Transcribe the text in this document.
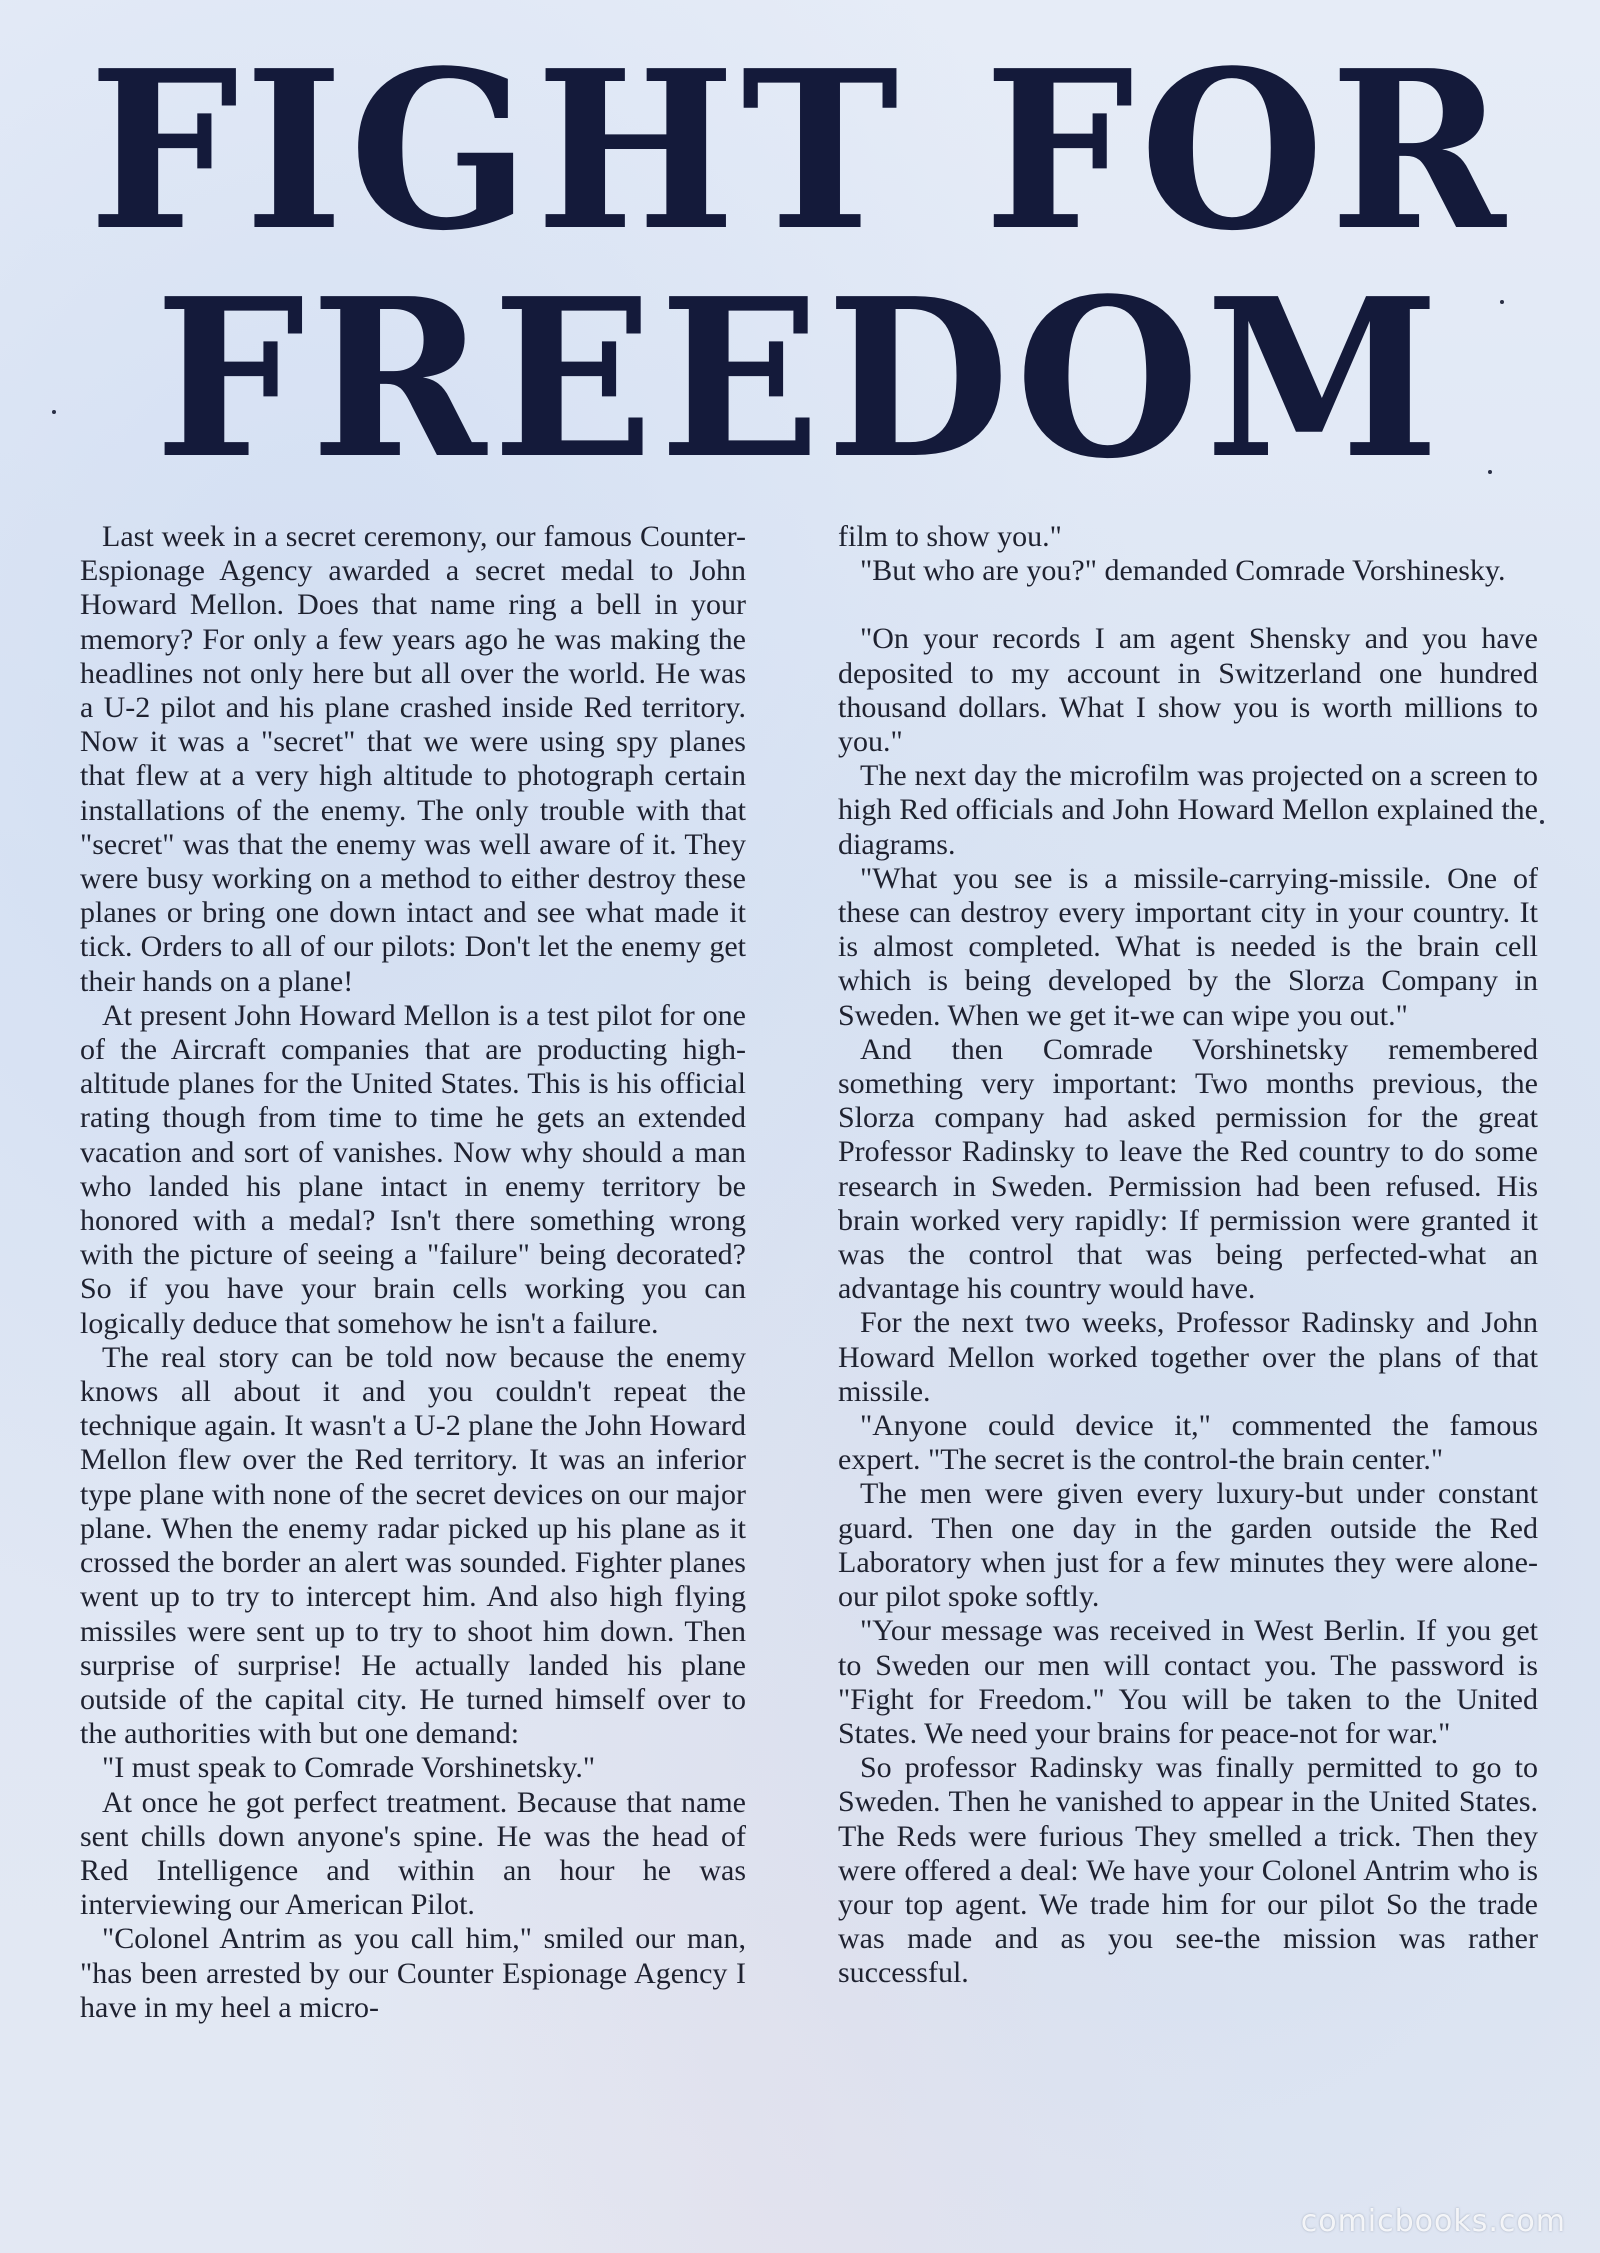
FIGHT FOR
FREEDOM

Last week in a secret ceremony, our famous Counter-Espionage Agency awarded a secret medal to John Howard Mellon. Does that name ring a bell in your memory? For only a few years ago he was making the headlines not only here but all over the world. He was a U-2 pilot and his plane crashed inside Red territory. Now it was a "secret" that we were using spy planes that flew at a very high altitude to photograph certain installations of the enemy. The only trouble with that "secret" was that the enemy was well aware of it. They were busy working on a method to either destroy these planes or bring one down intact and see what made it tick. Orders to all of our pilots: Don't let the enemy get their hands on a plane!

At present John Howard Mellon is a test pilot for one of the Aircraft companies that are producting high-altitude planes for the United States. This is his official rating though from time to time he gets an extended vacation and sort of vanishes. Now why should a man who landed his plane intact in enemy territory be honored with a medal? Isn't there something wrong with the picture of seeing a "failure" being decorated? So if you have your brain cells working you can logically deduce that somehow he isn't a failure.

The real story can be told now because the enemy knows all about it and you couldn't repeat the technique again. It wasn't a U-2 plane the John Howard Mellon flew over the Red territory. It was an inferior type plane with none of the secret devices on our major plane. When the enemy radar picked up his plane as it crossed the border an alert was sounded. Fighter planes went up to try to intercept him. And also high flying missiles were sent up to try to shoot him down. Then surprise of surprise! He actually landed his plane outside of the capital city. He turned himself over to the authorities with but one demand:

"I must speak to Comrade Vorshinetsky."

At once he got perfect treatment. Because that name sent chills down anyone's spine. He was the head of Red Intelligence and within an hour he was interviewing our American Pilot.

"Colonel Antrim as you call him," smiled our man, "has been arrested by our Counter Espionage Agency I have in my heel a micro-

film to show you."

"But who are you?" demanded Comrade Vorshinesky.

"On your records I am agent Shensky and you have deposited to my account in Switzerland one hundred thousand dollars. What I show you is worth millions to you."

The next day the microfilm was projected on a screen to high Red officials and John Howard Mellon explained the diagrams.

"What you see is a missile-carrying-missile. One of these can destroy every important city in your country. It is almost completed. What is needed is the brain cell which is being developed by the Slorza Company in Sweden. When we get it-we can wipe you out."

And then Comrade Vorshinetsky remembered something very important: Two months previous, the Slorza company had asked permission for the great Professor Radinsky to leave the Red country to do some research in Sweden. Permission had been refused. His brain worked very rapidly: If permission were granted it was the control that was being perfected-what an advantage his country would have.

For the next two weeks, Professor Radinsky and John Howard Mellon worked together over the plans of that missile.

"Anyone could device it," commented the famous expert. "The secret is the control-the brain center."

The men were given every luxury-but under constant guard. Then one day in the garden outside the Red Laboratory when just for a few minutes they were alone-our pilot spoke softly.

"Your message was received in West Berlin. If you get to Sweden our men will contact you. The password is "Fight for Freedom." You will be taken to the United States. We need your brains for peace-not for war."

So professor Radinsky was finally permitted to go to Sweden. Then he vanished to appear in the United States. The Reds were furious They smelled a trick. Then they were offered a deal: We have your Colonel Antrim who is your top agent. We trade him for our pilot So the trade was made and as you see-the mission was rather successful.

comicbooks.com
